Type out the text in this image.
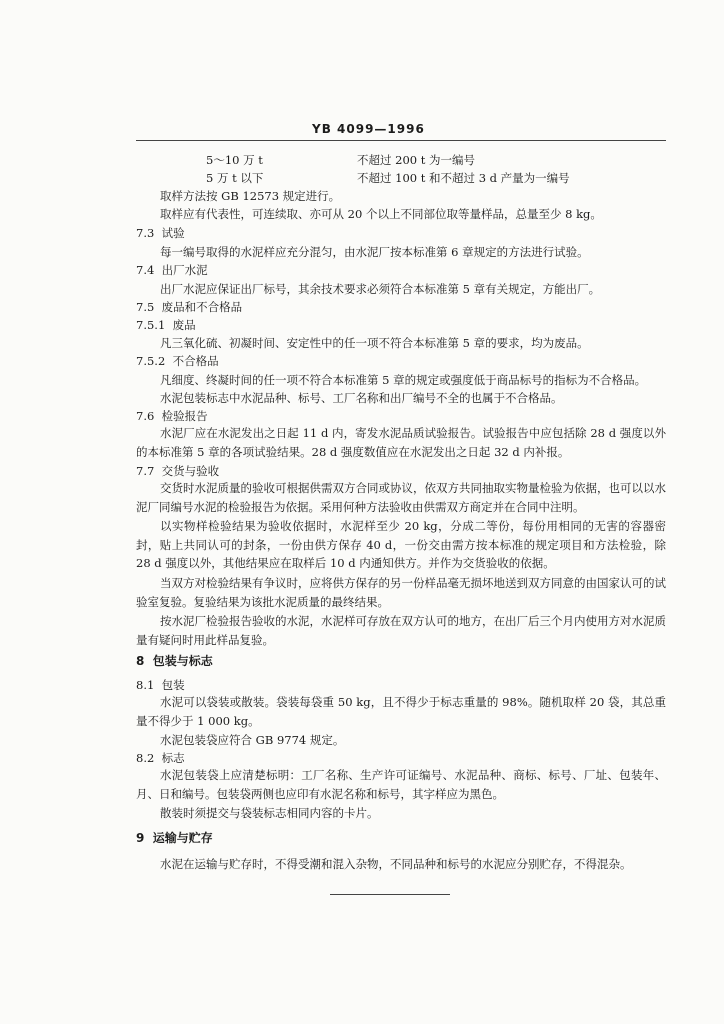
YB 4099—1996
5～10 万 t	不超过 200 t 为一编号
5 万 t 以下	不超过 100 t 和不超过 3 d 产量为一编号
取样方法按 GB 12573 规定进行。
取样应有代表性，可连续取、亦可从 20 个以上不同部位取等量样品，总量至少 8 kg。
7.3 试验
每一编号取得的水泥样应充分混匀，由水泥厂按本标准第 6 章规定的方法进行试验。
7.4 出厂水泥
出厂水泥应保证出厂标号，其余技术要求必须符合本标准第 5 章有关规定，方能出厂。
7.5 废品和不合格品
7.5.1 废品
凡三氧化硫、初凝时间、安定性中的任一项不符合本标准第 5 章的要求，均为废品。
7.5.2 不合格品
凡细度、终凝时间的任一项不符合本标准第 5 章的规定或强度低于商品标号的指标为不合格品。
水泥包装标志中水泥品种、标号、工厂名称和出厂编号不全的也属于不合格品。
7.6 检验报告
水泥厂应在水泥发出之日起 11 d 内，寄发水泥品质试验报告。试验报告中应包括除 28 d 强度以外的本标准第 5 章的各项试验结果。28 d 强度数值应在水泥发出之日起 32 d 内补报。
7.7 交货与验收
交货时水泥质量的验收可根据供需双方合同或协议，依双方共同抽取实物量检验为依据，也可以以水泥厂同编号水泥的检验报告为依据。采用何种方法验收由供需双方商定并在合同中注明。
以实物样检验结果为验收依据时，水泥样至少 20 kg，分成二等份，每份用相同的无害的容器密封，贴上共同认可的封条，一份由供方保存 40 d，一份交由需方按本标准的规定项目和方法检验，除 28 d 强度以外，其他结果应在取样后 10 d 内通知供方。并作为交货验收的依据。
当双方对检验结果有争议时，应将供方保存的另一份样品毫无损坏地送到双方同意的由国家认可的试验室复验。复验结果为该批水泥质量的最终结果。
按水泥厂检验报告验收的水泥，水泥样可存放在双方认可的地方，在出厂后三个月内使用方对水泥质量有疑问时用此样品复验。
8 包装与标志
8.1 包装
水泥可以袋装或散装。袋装每袋重 50 kg，且不得少于标志重量的 98%。随机取样 20 袋，其总重量不得少于 1 000 kg。
水泥包装袋应符合 GB 9774 规定。
8.2 标志
水泥包装袋上应清楚标明：工厂名称、生产许可证编号、水泥品种、商标、标号、厂址、包装年、月、日和编号。包装袋两侧也应印有水泥名称和标号，其字样应为黑色。
散装时须提交与袋装标志相同内容的卡片。
9 运输与贮存
水泥在运输与贮存时，不得受潮和混入杂物，不同品种和标号的水泥应分别贮存，不得混杂。
